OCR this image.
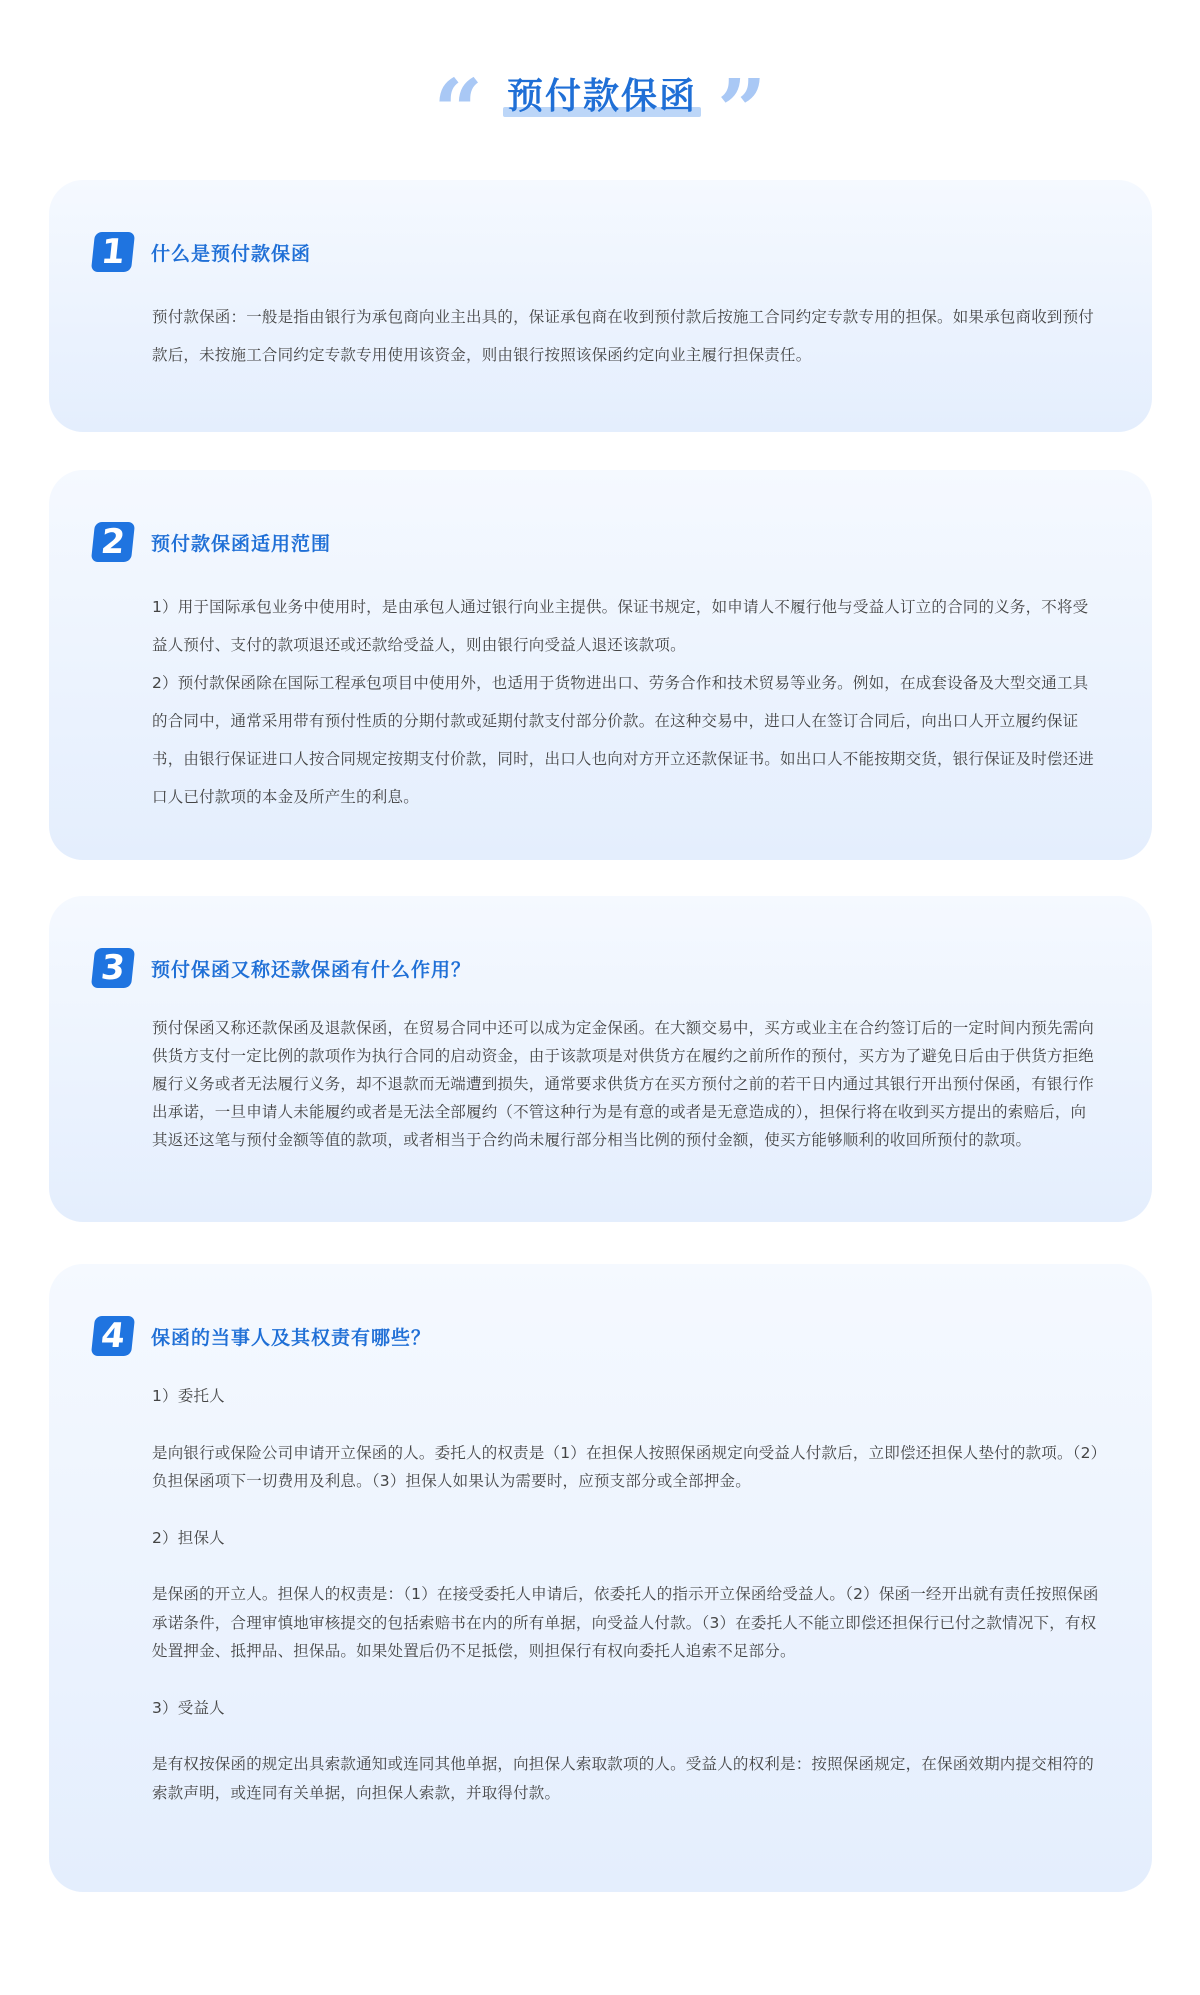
“ 预付款保函 ”
1	什么是预付款保函

预付款保函：一般是指由银行为承包商向业主出具的，保证承包商在收到预付款后按施工合同约定专款专用的担保。如果承包商收到预付款后，未按施工合同约定专款专用使用该资金，则由银行按照该保函约定向业主履行担保责任。

2	预付款保函适用范围

1）用于国际承包业务中使用时，是由承包人通过银行向业主提供。保证书规定，如申请人不履行他与受益人订立的合同的义务，不将受益人预付、支付的款项退还或还款给受益人，则由银行向受益人退还该款项。

2）预付款保函除在国际工程承包项目中使用外，也适用于货物进出口、劳务合作和技术贸易等业务。例如，在成套设备及大型交通工具的合同中，通常采用带有预付性质的分期付款或延期付款支付部分价款。在这种交易中，进口人在签订合同后，向出口人开立履约保证书，由银行保证进口人按合同规定按期支付价款，同时，出口人也向对方开立还款保证书。如出口人不能按期交货，银行保证及时偿还进口人已付款项的本金及所产生的利息。

3	预付保函又称还款保函有什么作用？

预付保函又称还款保函及退款保函，在贸易合同中还可以成为定金保函。在大额交易中，买方或业主在合约签订后的一定时间内预先需向供货方支付一定比例的款项作为执行合同的启动资金，由于该款项是对供货方在履约之前所作的预付，买方为了避免日后由于供货方拒绝履行义务或者无法履行义务，却不退款而无端遭到损失，通常要求供货方在买方预付之前的若干日内通过其银行开出预付保函，有银行作出承诺，一旦申请人未能履约或者是无法全部履约（不管这种行为是有意的或者是无意造成的），担保行将在收到买方提出的索赔后，向其返还这笔与预付金额等值的款项，或者相当于合约尚未履行部分相当比例的预付金额，使买方能够顺利的收回所预付的款项。

4	保函的当事人及其权责有哪些？

1）委托人

是向银行或保险公司申请开立保函的人。委托人的权责是（1）在担保人按照保函规定向受益人付款后，立即偿还担保人垫付的款项。（2）负担保函项下一切费用及利息。（3）担保人如果认为需要时，应预支部分或全部押金。

2）担保人

是保函的开立人。担保人的权责是：（1）在接受委托人申请后，依委托人的指示开立保函给受益人。（2）保函一经开出就有责任按照保函承诺条件，合理审慎地审核提交的包括索赔书在内的所有单据，向受益人付款。（3）在委托人不能立即偿还担保行已付之款情况下，有权处置押金、抵押品、担保品。如果处置后仍不足抵偿，则担保行有权向委托人追索不足部分。

3）受益人

是有权按保函的规定出具索款通知或连同其他单据，向担保人索取款项的人。受益人的权利是：按照保函规定，在保函效期内提交相符的索款声明，或连同有关单据，向担保人索款，并取得付款。
